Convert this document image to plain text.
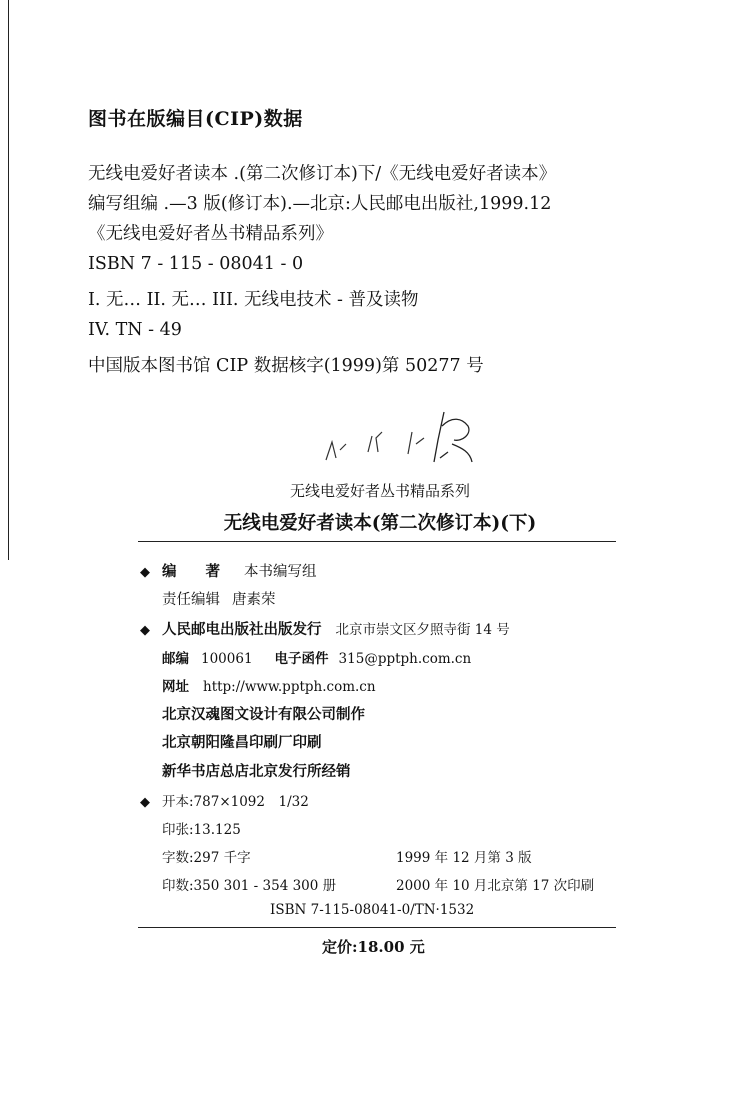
图书在版编目(CIP)数据
无线电爱好者读本 .(第二次修订本)下/《无线电爱好者读本》
编写组编 .—3 版(修订本).—北京:人民邮电出版社,1999.12
《无线电爱好者丛书精品系列》
ISBN 7 - 115 - 08041 - 0
I. 无… II. 无… III. 无线电技术 - 普及读物
IV. TN - 49
中国版本图书馆 CIP 数据核字(1999)第 50277 号
无线电爱好者丛书精品系列
无线电爱好者读本(第二次修订本)(下)
◆ 编　　著 本书编写组
责任编辑 唐素荣
◆ 人民邮电出版社出版发行 北京市崇文区夕照寺街 14 号
邮编 100061 电子函件 315@pptph.com.cn
网址 http://www.pptph.com.cn
北京汉魂图文设计有限公司制作
北京朝阳隆昌印刷厂印刷
新华书店总店北京发行所经销
◆ 开本:787×1092　1/32
印张:13.125
字数:297 千字	1999 年 12 月第 3 版
印数:350 301 - 354 300 册	2000 年 10 月北京第 17 次印刷
ISBN 7-115-08041-0/TN·1532
定价:18.00 元
